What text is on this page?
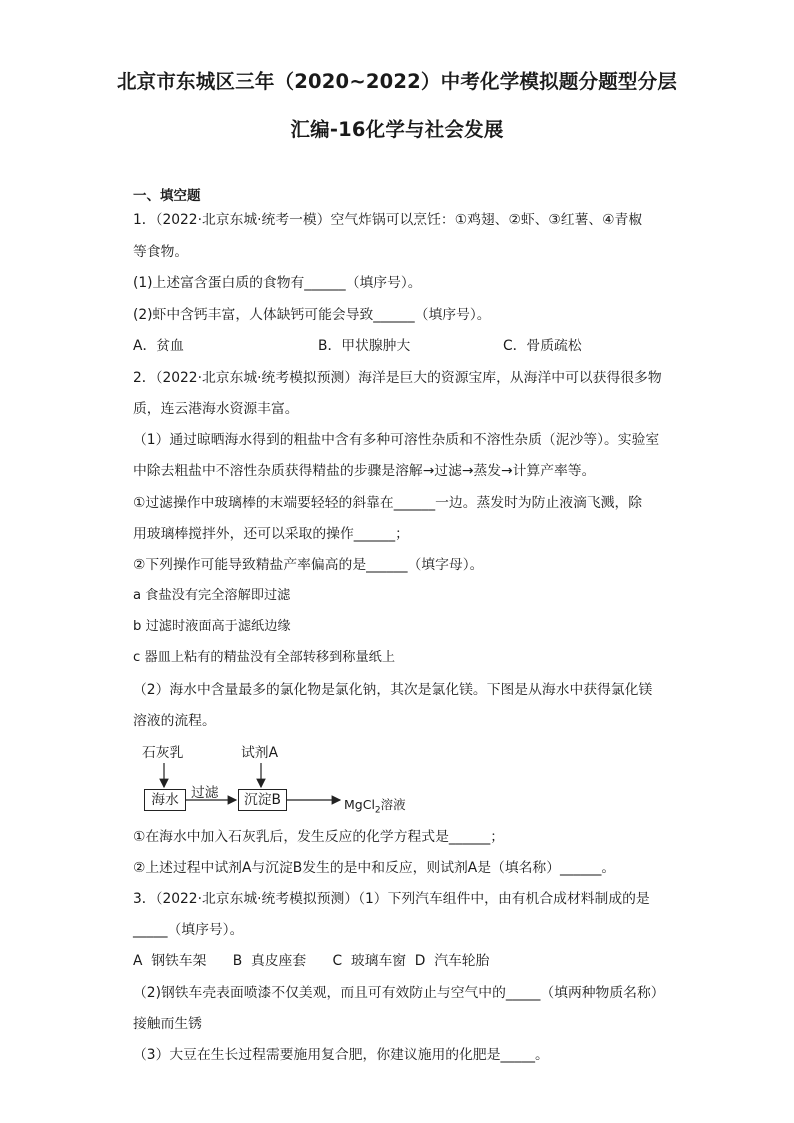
北京市东城区三年（2020~2022）中考化学模拟题分题型分层
汇编-16化学与社会发展
一、填空题
1．（2022·北京东城·统考一模）空气炸锅可以烹饪：①鸡翅、②虾、③红薯、④青椒
等食物。
(1)上述富含蛋白质的食物有______（填序号）。
(2)虾中含钙丰富，人体缺钙可能会导致______（填序号）。
A．贫血	B．甲状腺肿大	C．骨质疏松
2．（2022·北京东城·统考模拟预测）海洋是巨大的资源宝库，从海洋中可以获得很多物
质，连云港海水资源丰富。
（1）通过晾晒海水得到的粗盐中含有多种可溶性杂质和不溶性杂质（泥沙等）。实验室
中除去粗盐中不溶性杂质获得精盐的步骤是溶解→过滤→蒸发→计算产率等。
①过滤操作中玻璃棒的末端要轻轻的斜靠在______一边。蒸发时为防止液滴飞溅，除
用玻璃棒搅拌外，还可以采取的操作______；
②下列操作可能导致精盐产率偏高的是______（填字母）。
a 食盐没有完全溶解即过滤
b 过滤时液面高于滤纸边缘
c 器皿上粘有的精盐没有全部转移到称量纸上
（2）海水中含量最多的氯化物是氯化钠，其次是氯化镁。下图是从海水中获得氯化镁
溶液的流程。
石灰乳	试剂A
过滤
海水	沉淀B	MgCl$_2$溶液
①在海水中加入石灰乳后，发生反应的化学方程式是______；
②上述过程中试剂A与沉淀B发生的是中和反应，则试剂A是（填名称）______。
3．（2022·北京东城·统考模拟预测）（1）下列汽车组件中，由有机合成材料制成的是
_____（填序号）。
A  钢铁车架      B  真皮座套      C  玻璃车窗  D  汽车轮胎
（2)钢铁车壳表面喷漆不仅美观，而且可有效防止与空气中的_____（填两种物质名称）
接触而生锈
（3）大豆在生长过程需要施用复合肥，你建议施用的化肥是_____。
